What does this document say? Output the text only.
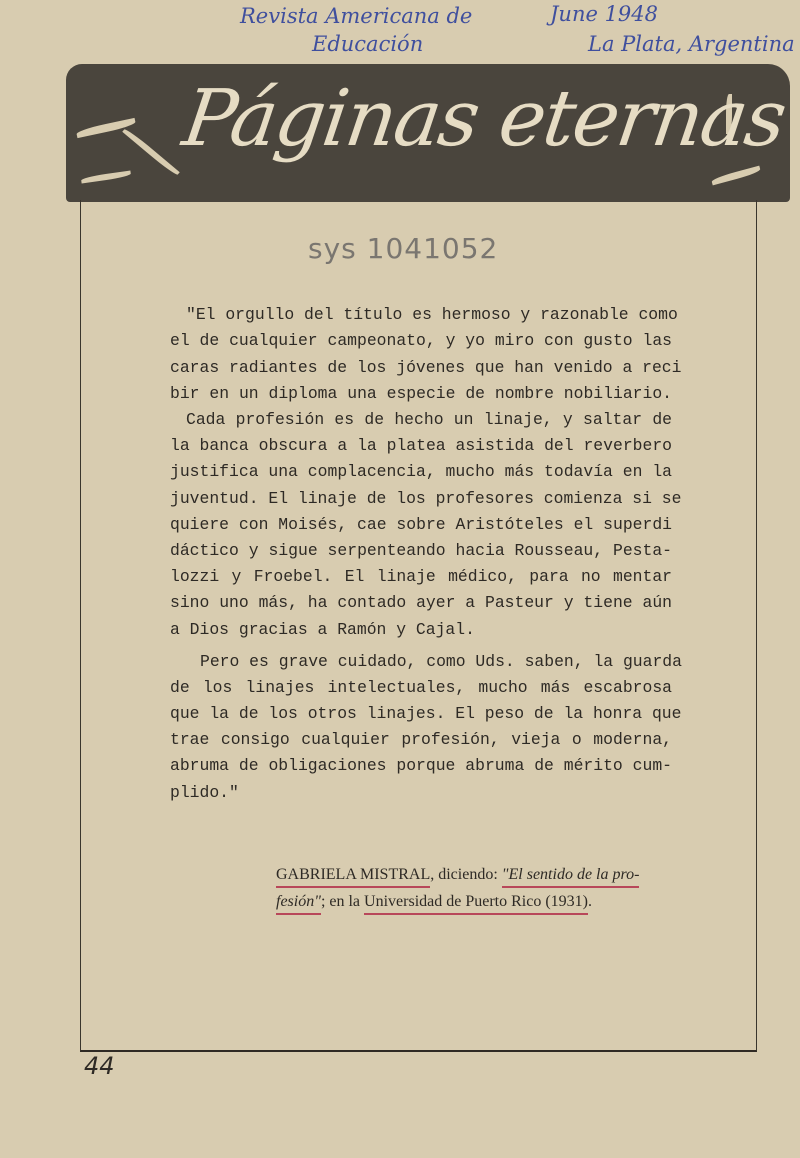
Revista Americana de
Educación
June 1948
La Plata, Argentina
Páginas eternas
sys 1041052
"El orgullo del título es hermoso y razonable como
el de cualquier campeonato, y yo miro con gusto las
caras radiantes de los jóvenes que han venido a reci
bir en un diploma una especie de nombre nobiliario.
Cada profesión es de hecho un linaje, y saltar de
la banca obscura a la platea asistida del reverbero
justifica una complacencia, mucho más todavía en la
juventud. El linaje de los profesores comienza si se
quiere con Moisés, cae sobre Aristóteles el superdi
dáctico y sigue serpenteando hacia Rousseau, Pesta-
lozzi y Froebel. El linaje médico, para no mentar
sino uno más, ha contado ayer a Pasteur y tiene aún
a Dios gracias a Ramón y Cajal.
Pero es grave cuidado, como Uds. saben, la guarda
de los linajes intelectuales, mucho más escabrosa
que la de los otros linajes. El peso de la honra que
trae consigo cualquier profesión, vieja o moderna,
abruma de obligaciones porque abruma de mérito cum-
plido."
GABRIELA MISTRAL, diciendo: "El sentido de la pro-
fesión"; en la Universidad de Puerto Rico (1931).
44
